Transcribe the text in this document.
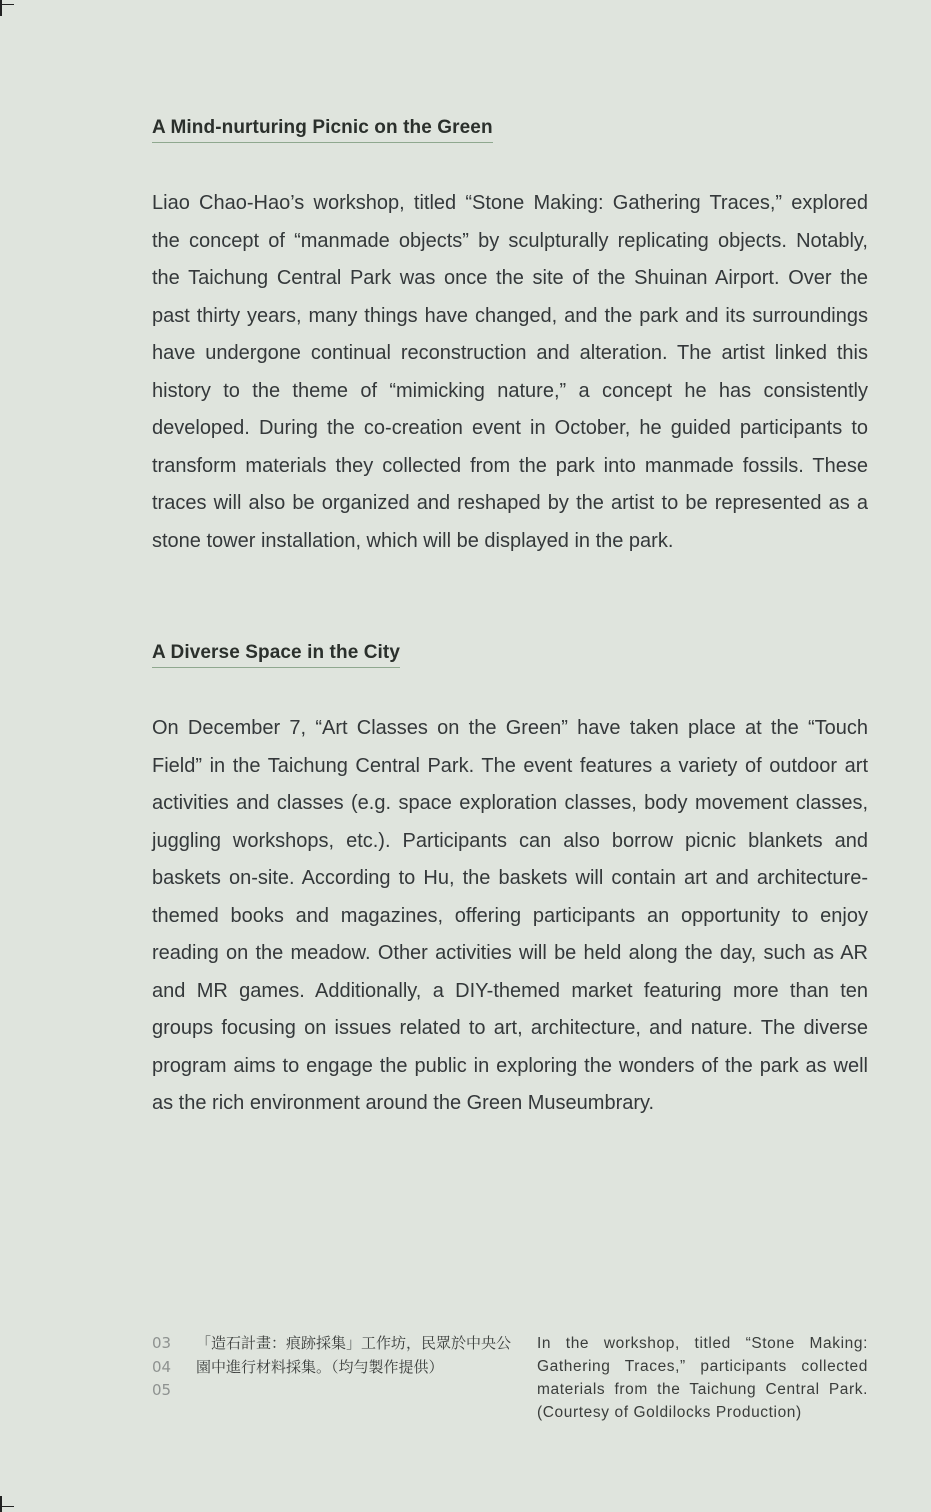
A Mind-nurturing Picnic on the Green

Liao Chao-Hao’s workshop, titled “Stone Making: Gathering Traces,” explored the concept of “manmade objects” by sculpturally replicating objects. Notably, the Taichung Central Park was once the site of the Shuinan Airport. Over the past thirty years, many things have changed, and the park and its surroundings have undergone continual reconstruction and alteration. The artist linked this history to the theme of “mimicking nature,” a concept he has consistently developed. During the co-creation event in October, he guided participants to transform materials they collected from the park into manmade fossils. These traces will also be organized and reshaped by the artist to be represented as a stone tower installation, which will be displayed in the park.

A Diverse Space in the City

On December 7, “Art Classes on the Green” have taken place at the “Touch Field” in the Taichung Central Park. The event features a variety of outdoor art activities and classes (e.g. space exploration classes, body movement classes, juggling workshops, etc.). Participants can also borrow picnic blankets and baskets on-site. According to Hu, the baskets will contain art and architecture-themed books and magazines, offering participants an opportunity to enjoy reading on the meadow. Other activities will be held along the day, such as AR and MR games. Additionally, a DIY-themed market featuring more than ten groups focusing on issues related to art, architecture, and nature. The diverse program aims to engage the public in exploring the wonders of the park as well as the rich environment around the Green Museumbrary.

03
04
05

「造石計畫：痕跡採集」工作坊，民眾於中央公園中進行材料採集。（均勻製作提供）

In the workshop, titled “Stone Making: Gathering Traces,” participants collected materials from the Taichung Central Park. (Courtesy of Goldilocks Production)
